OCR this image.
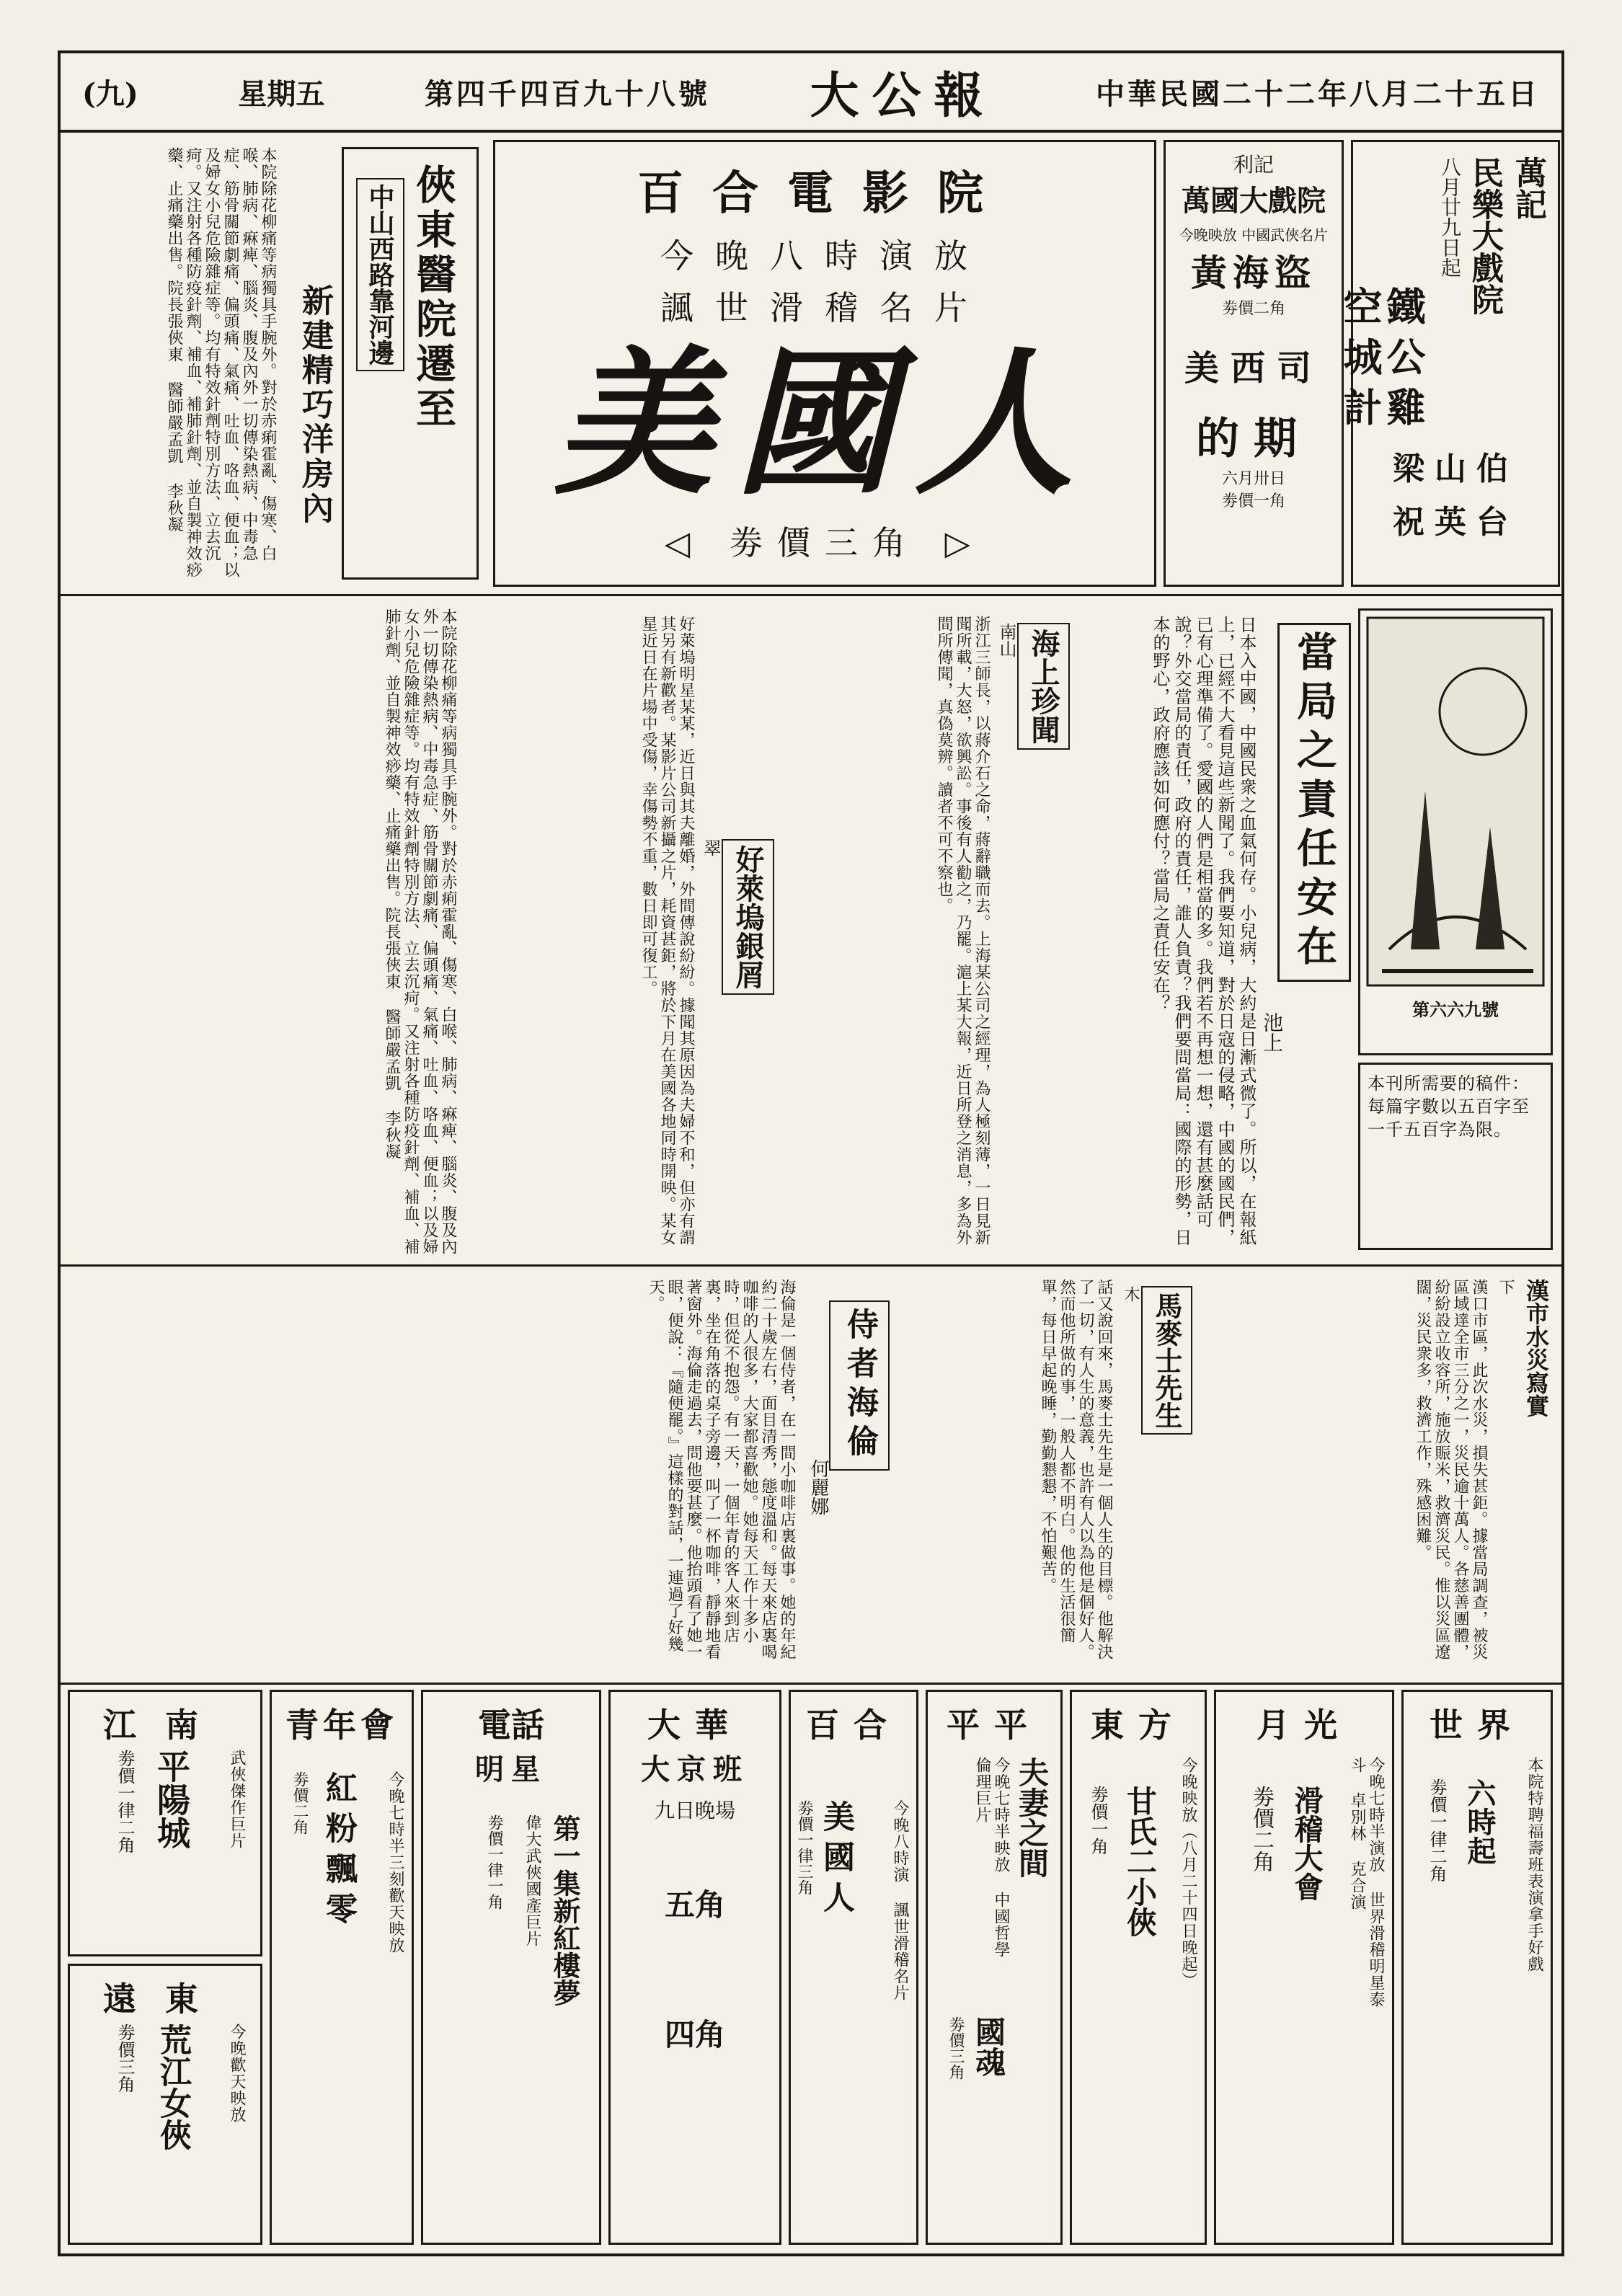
(九)	星期五	第四千四百九十八號 大公報	中華民國二十二年八月二十五日
萬記
民樂大戲院
八月廿九日起
鐵公雞
空城計
梁山伯
祝英台
利記
萬國大戲院
今晚映放 中國武俠名片
黃海盜
劵價二角
美西司
的期
六月卅日
劵價一角
百合電影院
今晚八時演放
諷世滑稽名片
美國人
◁ 劵價三角 ▷
俠東醫院遷至
中山西路靠河邊
新建精巧洋房內
本院除花柳痛等病獨具手腕外。對於赤痢霍亂、傷寒、白喉、肺病、痳痺、腦炎、腹及內外一切傳染熱病、中毒急症、筋骨關節劇痛、偏頭痛、氣痛、吐血、咯血、便血；以及婦女小兒危險雜症等。均有特效針劑特別方法、立去沉疴。又注射各種防疫針劑、補血、補肺針劑、並自製神效痧藥、止痛藥出售。院長張俠東 醫師嚴孟凱 李秋凝
第六六九號
本刊所需要的稿件：每篇字數以五百字至一千五百字為限。
當局之責任安在
池上
日本入中國，中國民衆之血氣何存。小兒病，大約是日漸式微了。所以，在報紙上，已經不大看見這些新聞了。我們要知道，對於日寇的侵略，中國的國民們，已有心理準備了。愛國的人們是相當的多。我們若不再想一想，還有甚麼話可說？外交當局的責任，政府的責任，誰人負責？我們要問當局：國際的形勢，日本的野心，政府應該如何應付？當局之責任安在？
海上珍聞
南山
浙江三師長，以蔣介石之命，蔣辭職而去。上海某公司之經理，為人極刻薄，一日見新聞所載，大怒，欲興訟。事後有人勸之，乃罷。滬上某大報，近日所登之消息，多為外間所傳聞，真偽莫辨。讀者不可不察也。
好萊塢銀屑
翠
好萊塢明星某某，近日與其夫離婚，外間傳說紛紛。據聞其原因為夫婦不和，但亦有謂其另有新歡者。某影片公司新攝之片，耗資甚鉅，將於下月在美國各地同時開映。某女星近日在片場中受傷，幸傷勢不重，數日即可復工。
本院除花柳痛等病獨具手腕外。對於赤痢霍亂、傷寒、白喉、肺病、痳痺、腦炎、腹及內外一切傳染熱病、中毒急症、筋骨關節劇痛、偏頭痛、氣痛、吐血、咯血、便血；以及婦女小兒危險雜症等。均有特效針劑特別方法、立去沉疴。又注射各種防疫針劑、補血、補肺針劑、並自製神效痧藥、止痛藥出售。院長張俠東 醫師嚴孟凱 李秋凝
漢市水災寫實
下
漢口市區，此次水災，損失甚鉅。據當局調查，被災區域達全市三分之一，災民逾十萬人。各慈善團體，紛紛設立收容所，施放賑米，救濟災民。惟以災區遼闊，災民衆多，救濟工作，殊感困難。
馬麥士先生
木
話又說回來，馬麥士先生是一個人生的目標。他解決了一切，有人生的意義，也許有人以為他是個好人。然而他所做的事，一般人都不明白。他的生活很簡單，每日早起晚睡，勤勤懇懇，不怕艱苦。
侍者海倫
何麗娜
海倫是一個侍者，在一間小咖啡店裏做事。她的年紀約二十歲左右，面目清秀，態度溫和。每天來店裏喝咖啡的人很多，大家都喜歡她。她每天工作十多小時，但從不抱怨。有一天，一個年青的客人來到店裏，坐在角落的桌子旁邊，叫了一杯咖啡，靜靜地看著窗外。海倫走過去，問他要甚麼。他抬頭看了她一眼，便說：『隨便罷。』這樣的對話，一連過了好幾天。
世界
本院特聘福壽班表演拿手好戲
六時起
劵價一律二角
月光
今晚七時半演放 世界滑稽明星泰斗 卓別林 克合演
滑稽大會
劵價二角
東方
今晚映放（八月二十四日晚起）
甘氏二小俠
劵價一角
平平
夫妻之間
今晚七時半映放 中國哲學倫理巨片
國魂
劵價三角
百合
美國人 今晚八時演 諷世滑稽名片
劵價一律三角
大華
大京班
九日晚場
五角
四角
電話
明星
第一集新紅樓夢
偉大武俠國產巨片
劵價一律一角
青年會
紅粉飄零 今晚七時半三刻歡天映放
劵價二角
江南
平陽城 武俠傑作巨片
劵價一律二角
遠東
荒江女俠 今晚歡天映放
劵價三角
